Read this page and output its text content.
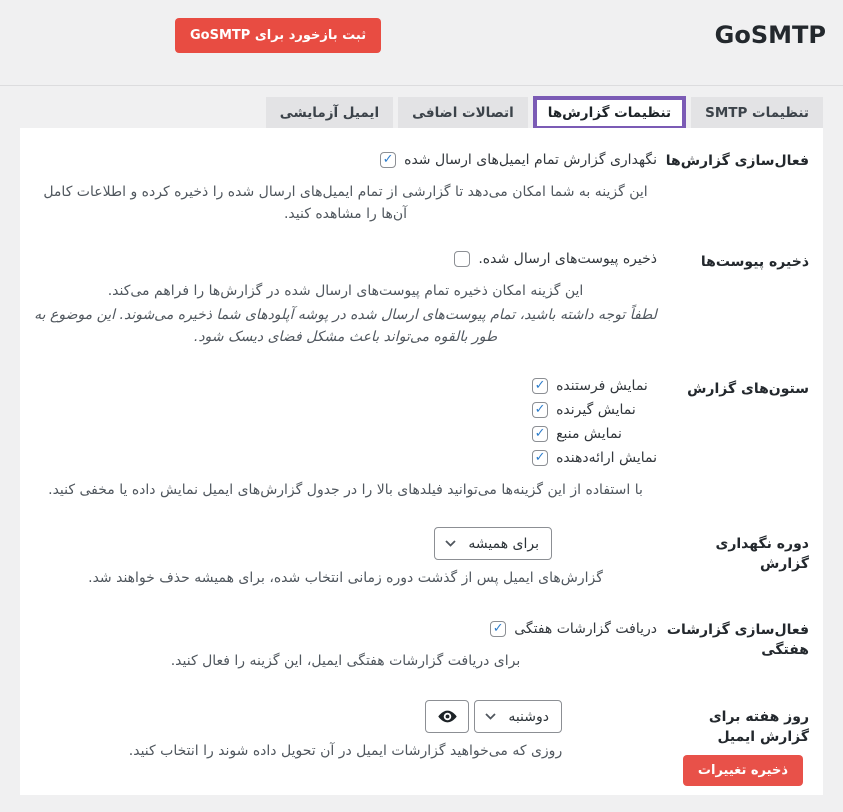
GoSMTP
ثبت بازخورد برای GoSMTP
تنظیمات SMTP
تنظیمات گزارش‌ها
اتصالات اضافی
ایمیل آزمایشی
فعال‌سازی گزارش‌ها
✓
نگهداری گزارش تمام ایمیل‌های ارسال شده

این گزینه به شما امکان می‌دهد تا گزارشی از تمام ایمیل‌های ارسال شده را ذخیره کرده و اطلاعات کامل آن‌ها را مشاهده کنید.

ذخیره پیوست‌ها
ذخیره پیوست‌های ارسال شده.

این گزینه امکان ذخیره تمام پیوست‌های ارسال شده در گزارش‌ها را فراهم می‌کند.

لطفاً توجه داشته باشید، تمام پیوست‌های ارسال شده در پوشه آپلودهای شما ذخیره می‌شوند. این موضوع به طور بالقوه می‌تواند باعث مشکل فضای دیسک شود.

ستون‌های گزارش
✓
نمایش فرستنده
✓
نمایش گیرنده
✓
نمایش منبع
✓
نمایش ارائه‌دهنده

با استفاده از این گزینه‌ها می‌توانید فیلدهای بالا را در جدول گزارش‌های ایمیل نمایش داده یا مخفی کنید.

دوره نگهداری گزارش
برای همیشه

گزارش‌های ایمیل پس از گذشت دوره زمانی انتخاب شده، برای همیشه حذف خواهند شد.

فعال‌سازی گزارشات هفتگی
✓
دریافت گزارشات هفتگی

برای دریافت گزارشات هفتگی ایمیل، این گزینه را فعال کنید.

روز هفته برای گزارش ایمیل
دوشنبه

روزی که می‌خواهید گزارشات ایمیل در آن تحویل داده شوند را انتخاب کنید.

ذخیره تغییرات
